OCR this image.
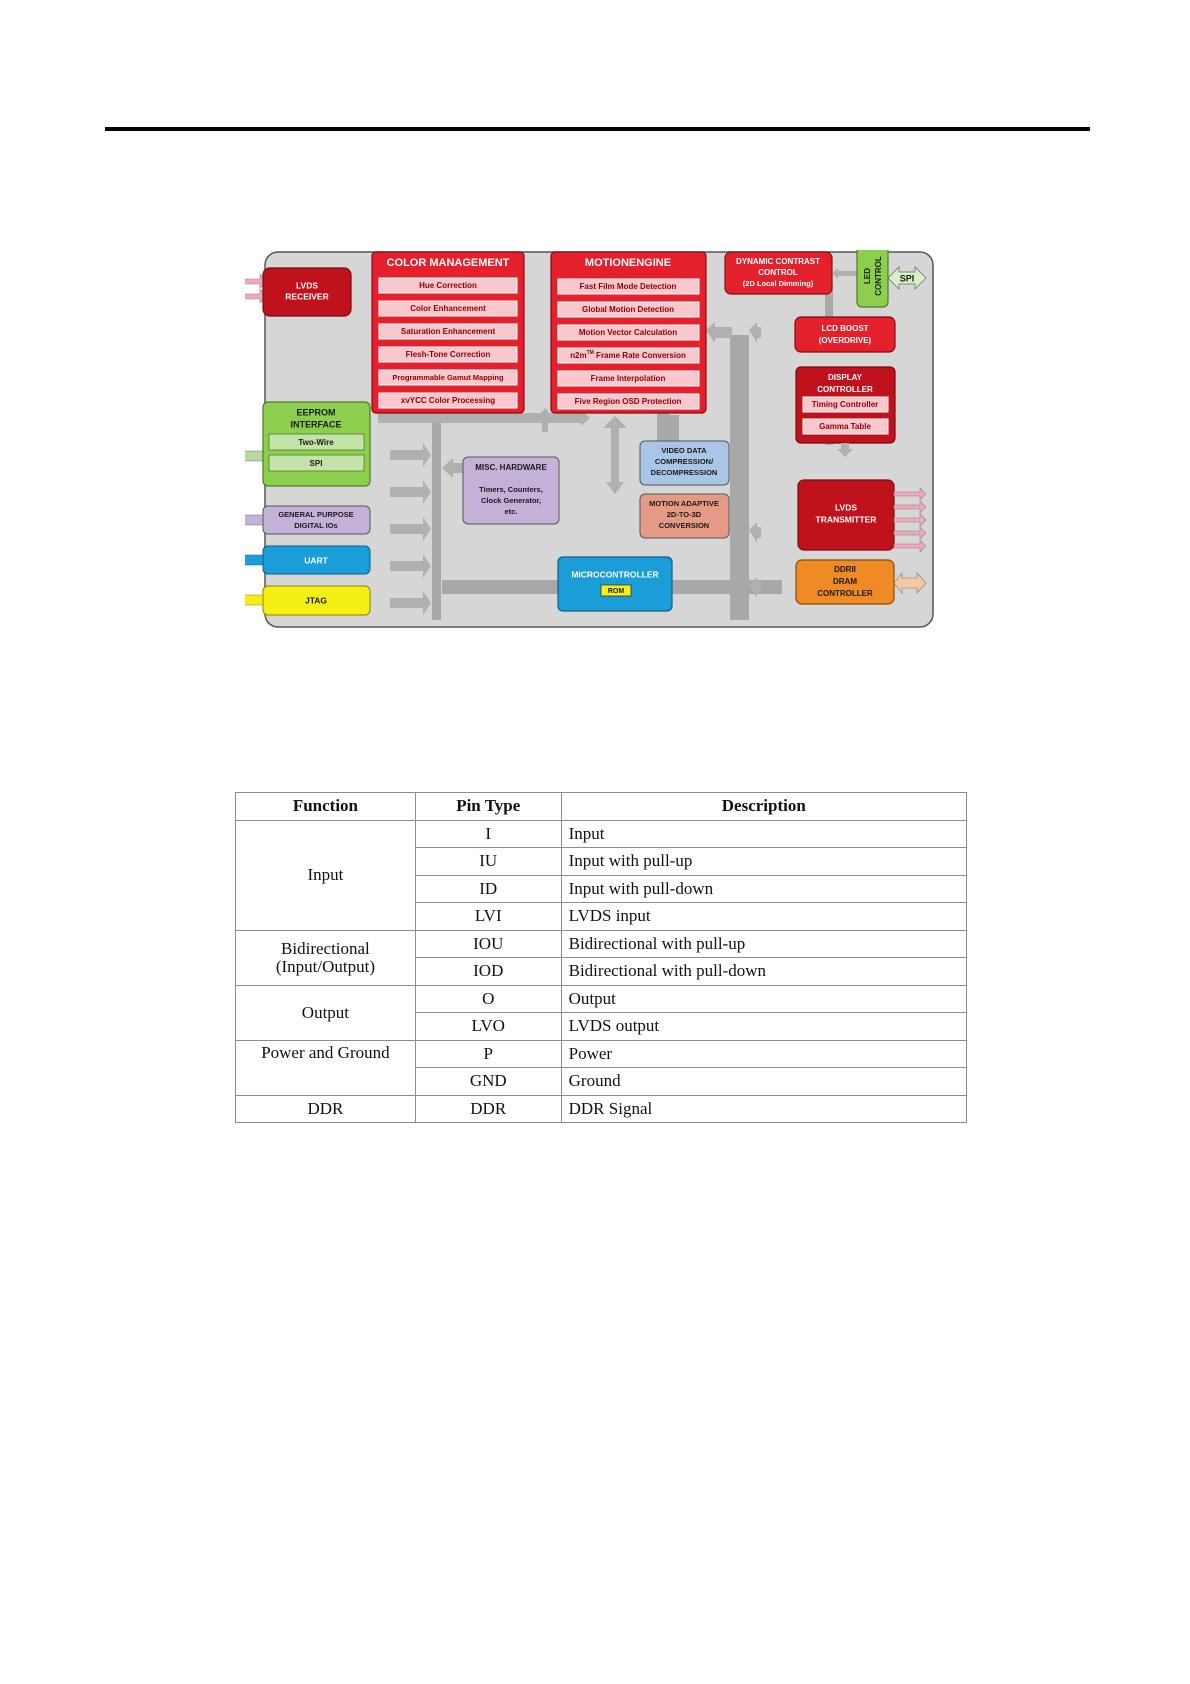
LVDS
RECEIVER
COLOR MANAGEMENT
Hue Correction
Color Enhancement
Saturation Enhancement
Flesh-Tone Correction
Programmable Gamut Mapping
xvYCC Color Processing
MOTIONENGINE
Fast Film Mode Detection
Global Motion Detection
Motion Vector Calculation
n2m™ Frame Rate Conversion
Frame Interpolation
Five Region OSD Protection
DYNAMIC CONTRAST
CONTROL
(2D Local Dimming)	LED CONTROL SPI
LCD BOOST
(OVERDRIVE)
DISPLAY
CONTROLLER
Timing Controller
Gamma Table
EEPROM
INTERFACE
Two-Wire
SPI	MISC. HARDWARE
Timers, Counters,
Clock Generator,
etc.
VIDEO DATA
COMPRESSION/
DECOMPRESSION
MOTION ADAPTIVE
2D-TO-3D
CONVERSION
GENERAL PURPOSE
DIGITAL IOs
UART
JTAG
MICROCONTROLLER
ROM
LVDS
TRANSMITTER
DDRII
DRAM
CONTROLLER
Function	Pin Type	Description
Input	I	Input
	IU	Input with pull-up
	ID	Input with pull-down
	LVI	LVDS input
Bidirectional
(Input/Output)	IOU	Bidirectional with pull-up
	IOD	Bidirectional with pull-down
Output	O	Output
	LVO	LVDS output
Power and Ground	P	Power
	GND	Ground
DDR	DDR	DDR Signal
